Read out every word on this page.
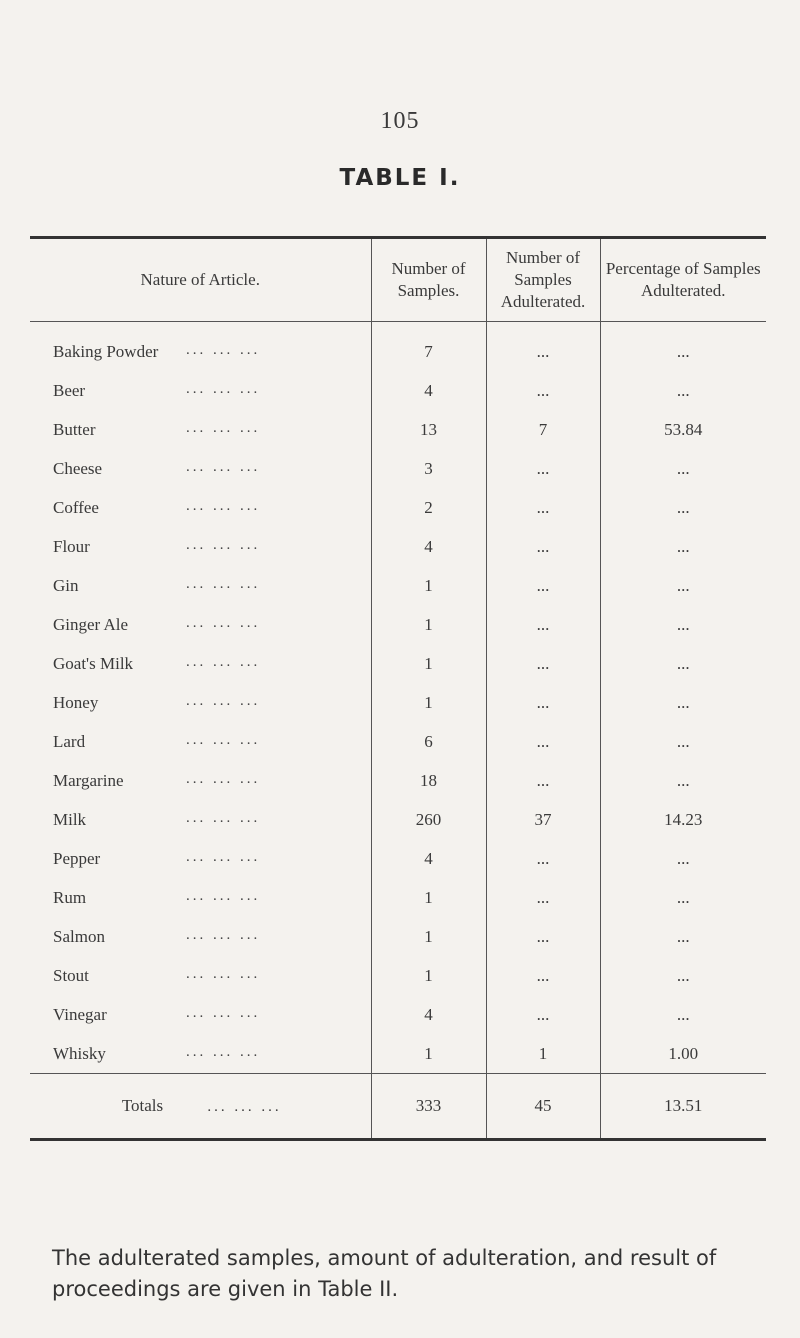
105
TABLE I.
Nature of Article.	Number of Samples.	Number of Samples Adulterated.	Percentage of Samples Adulterated.
Baking Powder ... ... ...	7	...	...
Beer ... ... ...	4	...	...
Butter ... ... ...	13	7	53.84
Cheese ... ... ...	3	...	...
Coffee ... ... ...	2	...	...
Flour ... ... ...	4	...	...
Gin ... ... ...	1	...	...
Ginger Ale ... ... ...	1	...	...
Goat's Milk ... ... ...	1	...	...
Honey ... ... ...	1	...	...
Lard ... ... ...	6	...	...
Margarine ... ... ...	18	...	...
Milk ... ... ...	260	37	14.23
Pepper ... ... ...	4	...	...
Rum ... ... ...	1	...	...
Salmon ... ... ...	1	...	...
Stout ... ... ...	1	...	...
Vinegar ... ... ...	4	...	...
Whisky ... ... ...	1	1	1.00
Totals ... ... ...	333	45	13.51

The adulterated samples, amount of adulteration, and result of proceedings are given in Table II.
